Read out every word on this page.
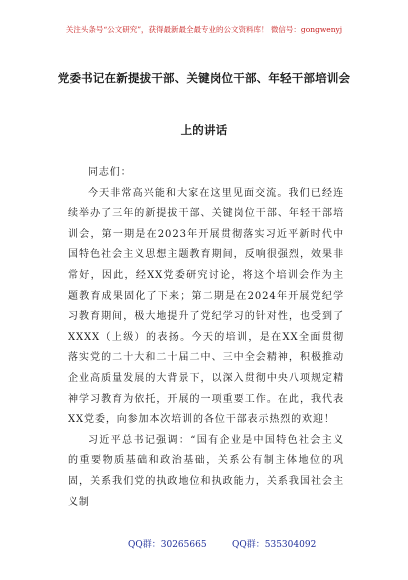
关注头条号“公文研究”，获得最新最全最专业的公文资料库！ 微信号：gongwenyj
党委书记在新提拔干部、关键岗位干部、年轻干部培训会
上的讲话

同志们：

今天非常高兴能和大家在这里见面交流。我们已经连续举办了三年的新提拔干部、关键岗位干部、年轻干部培训会，第一期是在2023年开展贯彻落实习近平新时代中国特色社会主义思想主题教育期间，反响很强烈，效果非常好，因此，经XX党委研究讨论，将这个培训会作为主题教育成果固化了下来；第二期是在2024年开展党纪学习教育期间，极大地提升了党纪学习的针对性，也受到了XXXX（上级）的表扬。今天的培训，是在XX全面贯彻落实党的二十大和二十届二中、三中全会精神，积极推动企业高质量发展的大背景下，以深入贯彻中央八项规定精神学习教育为依托，开展的一项重要工作。在此，我代表XX党委，向参加本次培训的各位干部表示热烈的欢迎！

习近平总书记强调：“国有企业是中国特色社会主义的重要物质基础和政治基础，关系公有制主体地位的巩固，关系我们党的执政地位和执政能力，关系我国社会主义制

QQ群：30265665	QQ群：535304092
